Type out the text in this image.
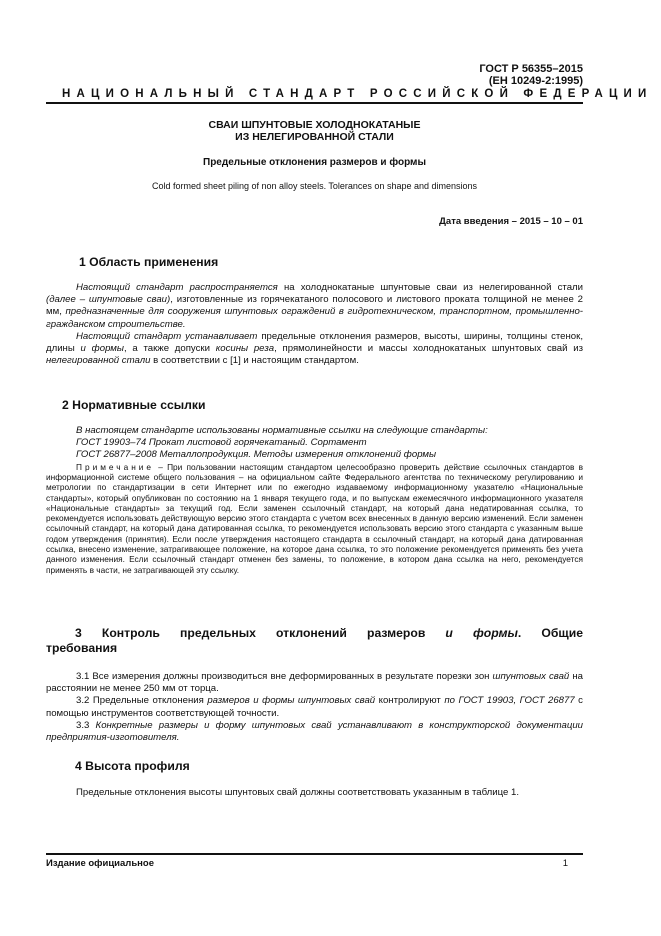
ГОСТ Р 56355–2015
(ЕН 10249-2:1995)
НАЦИОНАЛЬНЫЙ СТАНДАРТ РОССИЙСКОЙ ФЕДЕРАЦИИ
СВАИ ШПУНТОВЫЕ ХОЛОДНОКАТАНЫЕ
ИЗ НЕЛЕГИРОВАННОЙ СТАЛИ
Предельные отклонения размеров и формы
Cold formed sheet piling of non alloy steels. Tolerances on shape and dimensions
Дата введения – 2015 – 10 – 01
1 Область применения

Настоящий стандарт распространяется на холоднокатаные шпунтовые сваи из нелегированной стали (далее – шпунтовые сваи), изготовленные из горячекатаного полосового и листового проката толщиной не менее 2 мм, предназначенные для сооружения шпунтовых ограждений в гидротехническом, транспортном, промышленно-гражданском строительстве.

Настоящий стандарт устанавливает предельные отклонения размеров, высоты, ширины, толщины стенок, длины и формы, а также допуски косины реза, прямолинейности и массы холоднокатаных шпунтовых свай из нелегированной стали в соответствии с [1] и настоящим стандартом.

2 Нормативные ссылки

В настоящем стандарте использованы нормативные ссылки на следующие стандарты:

ГОСТ 19903–74 Прокат листовой горячекатаный. Сортамент

ГОСТ 26877–2008 Металлопродукция. Методы измерения отклонений формы

Примечание – При пользовании настоящим стандартом целесообразно проверить действие ссылочных стандартов в информационной системе общего пользования – на официальном сайте Федерального агентства по техническому регулированию и метрологии по стандартизации в сети Интернет или по ежегодно издаваемому информационному указателю «Национальные стандарты», который опубликован по состоянию на 1 января текущего года, и по выпускам ежемесячного информационного указателя «Национальные стандарты» за текущий год. Если заменен ссылочный стандарт, на который дана недатированная ссылка, то рекомендуется использовать действующую версию этого стандарта с учетом всех внесенных в данную версию изменений. Если заменен ссылочный стандарт, на который дана датированная ссылка, то рекомендуется использовать версию этого стандарта с указанным выше годом утверждения (принятия). Если после утверждения настоящего стандарта в ссылочный стандарт, на который дана датированная ссылка, внесено изменение, затрагивающее положение, на которое дана ссылка, то это положение рекомендуется применять без учета данного изменения. Если ссылочный стандарт отменен без замены, то положение, в котором дана ссылка на него, рекомендуется применять в части, не затрагивающей эту ссылку.

3 Контроль предельных отклонений размеров и формы. Общие
требования

3.1 Все измерения должны производиться вне деформированных в результате порезки зон шпунтовых свай на расстоянии не менее 250 мм от торца.

3.2 Предельные отклонения размеров и формы шпунтовых свай контролируют по ГОСТ 19903, ГОСТ 26877 с помощью инструментов соответствующей точности.

3.3 Конкретные размеры и форму шпунтовых свай устанавливают в конструкторской документации предприятия-изготовителя.

4 Высота профиля

Предельные отклонения высоты шпунтовых свай должны соответствовать указанным в таблице 1.

Издание официальное	1
